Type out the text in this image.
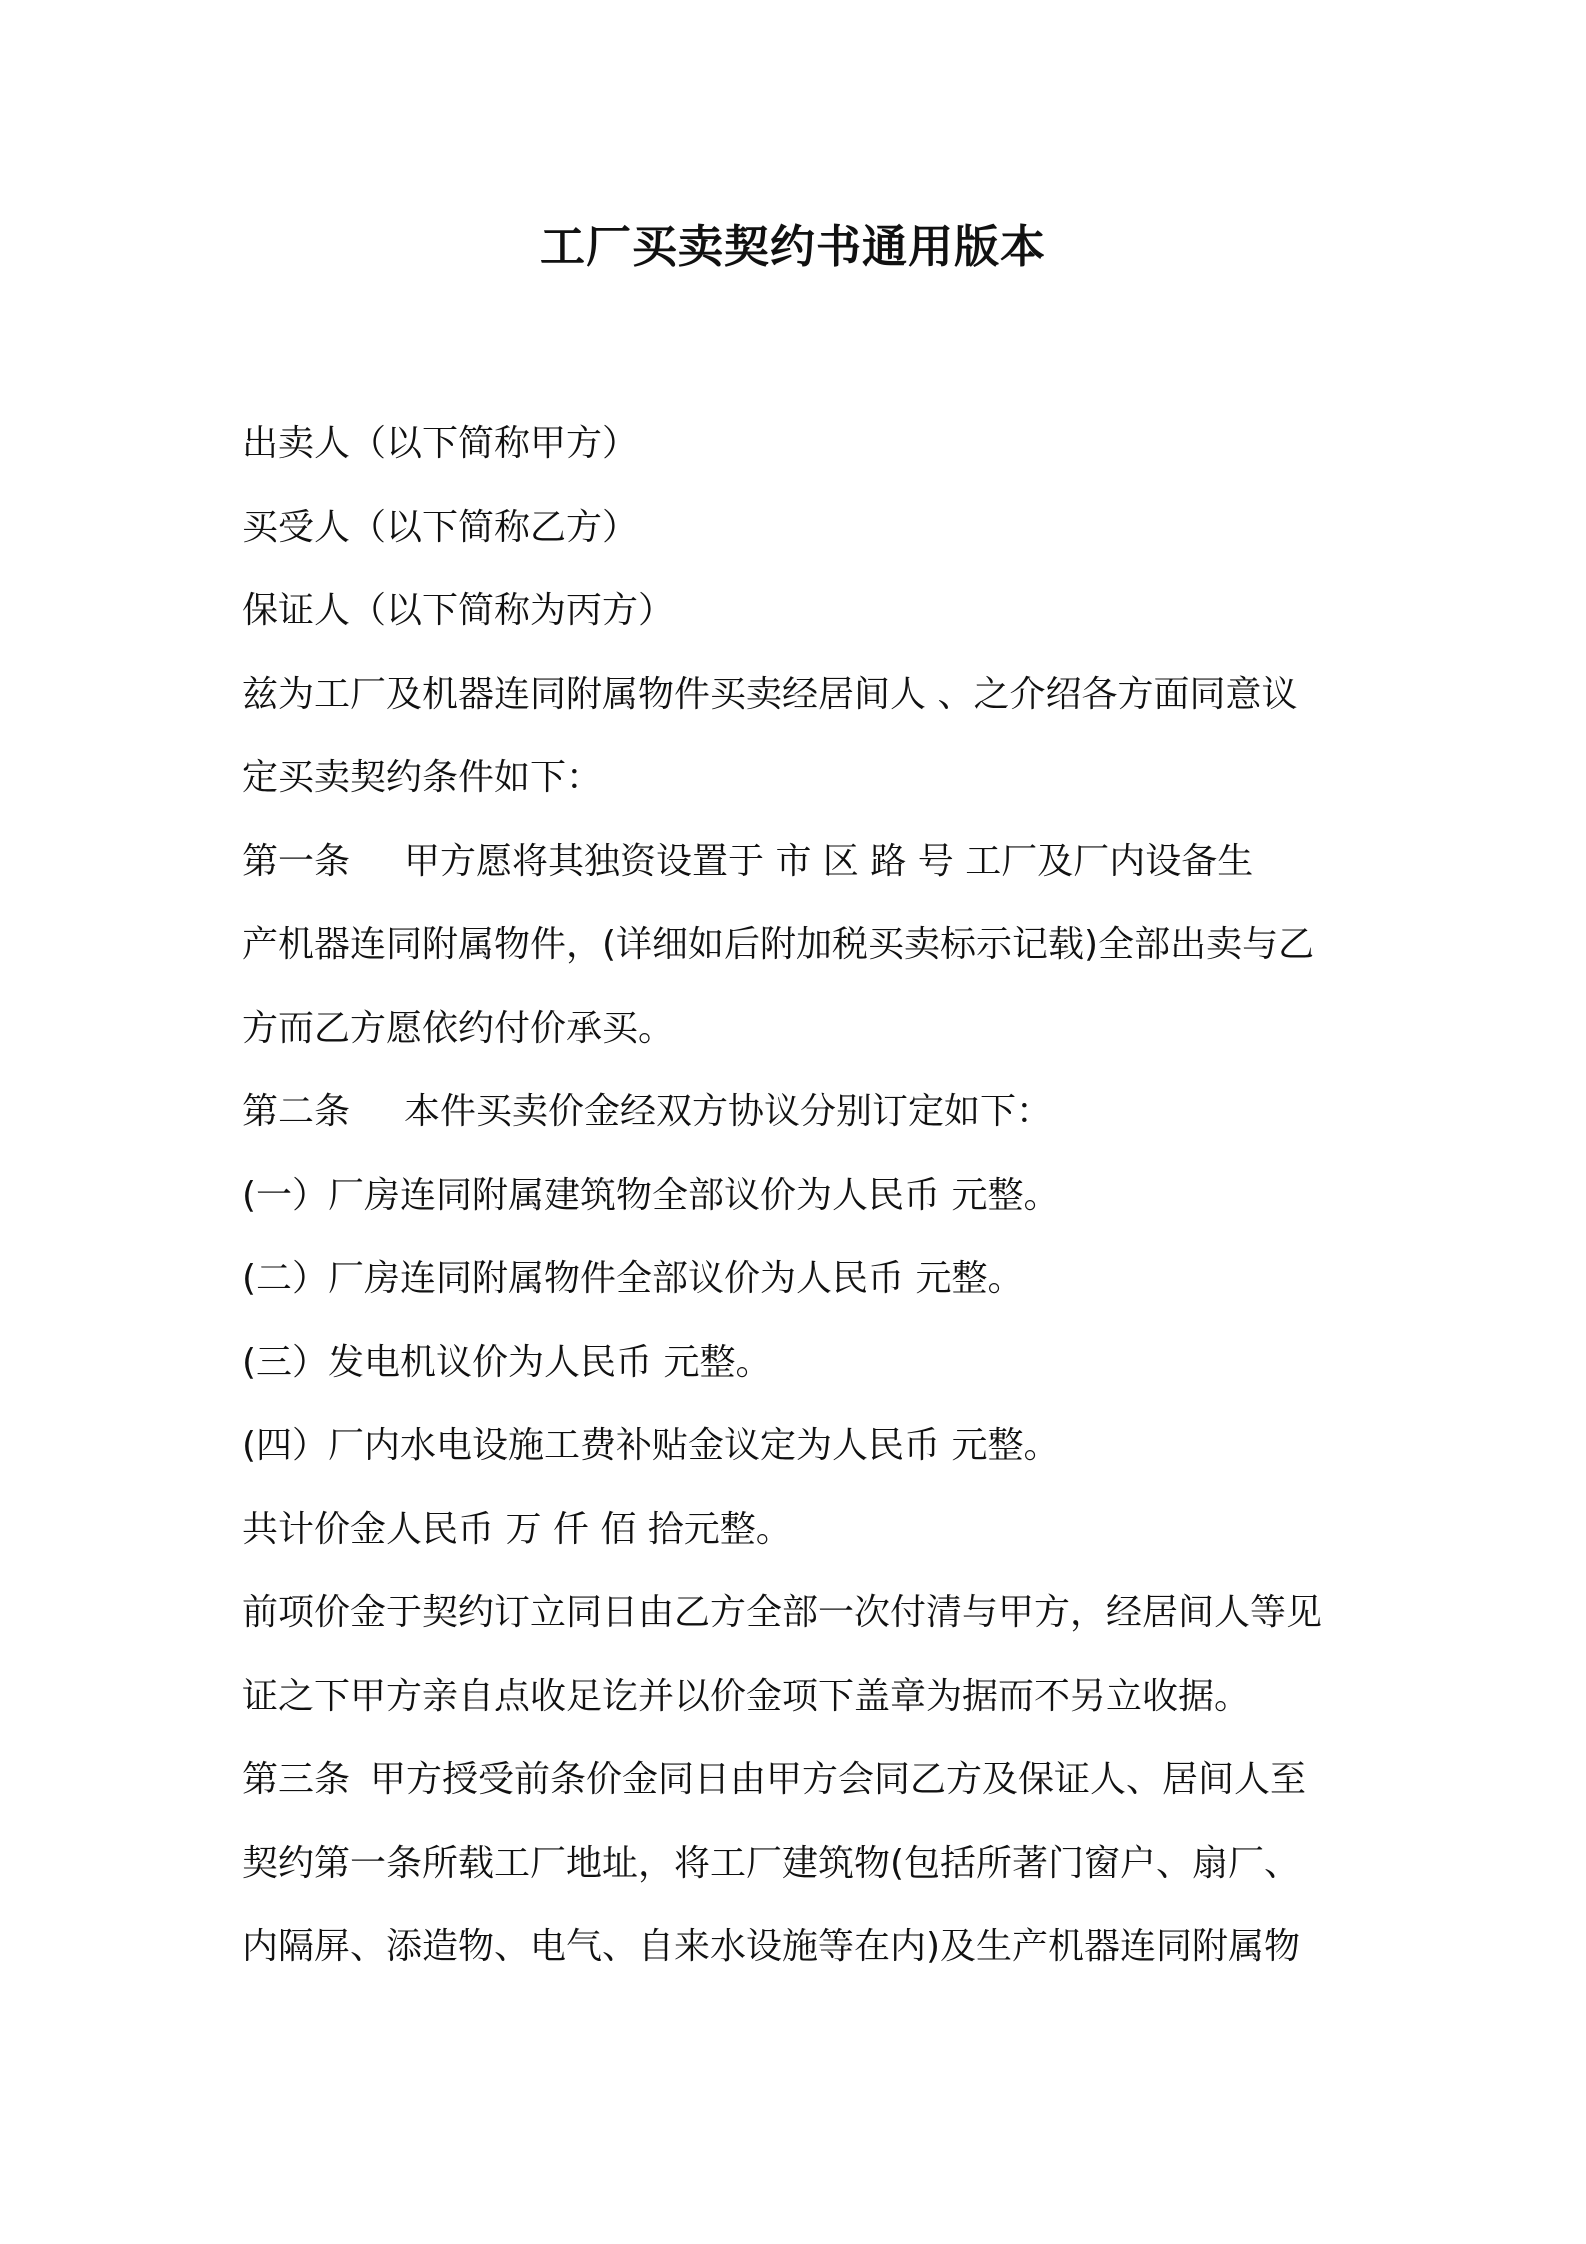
工厂买卖契约书通用版本
出卖人（以下简称甲方）
买受人（以下简称乙方）
保证人（以下简称为丙方）
兹为工厂及机器连同附属物件买卖经居间人 、之介绍各方面同意议
定买卖契约条件如下：
第一条 甲方愿将其独资设置于 市 区 路 号 工厂及厂内设备生
产机器连同附属物件，(详细如后附加税买卖标示记载)全部出卖与乙
方而乙方愿依约付价承买。
第二条 本件买卖价金经双方协议分别订定如下：
(一）厂房连同附属建筑物全部议价为人民币 元整。
(二）厂房连同附属物件全部议价为人民币 元整。
(三）发电机议价为人民币 元整。
(四）厂内水电设施工费补贴金议定为人民币 元整。
共计价金人民币 万 仟 佰 拾元整。
前项价金于契约订立同日由乙方全部一次付清与甲方，经居间人等见
证之下甲方亲自点收足讫并以价金项下盖章为据而不另立收据。
第三条 甲方授受前条价金同日由甲方会同乙方及保证人、居间人至
契约第一条所载工厂地址，将工厂建筑物(包括所著门窗户、扇厂、
内隔屏、添造物、电气、自来水设施等在内)及生产机器连同附属物
